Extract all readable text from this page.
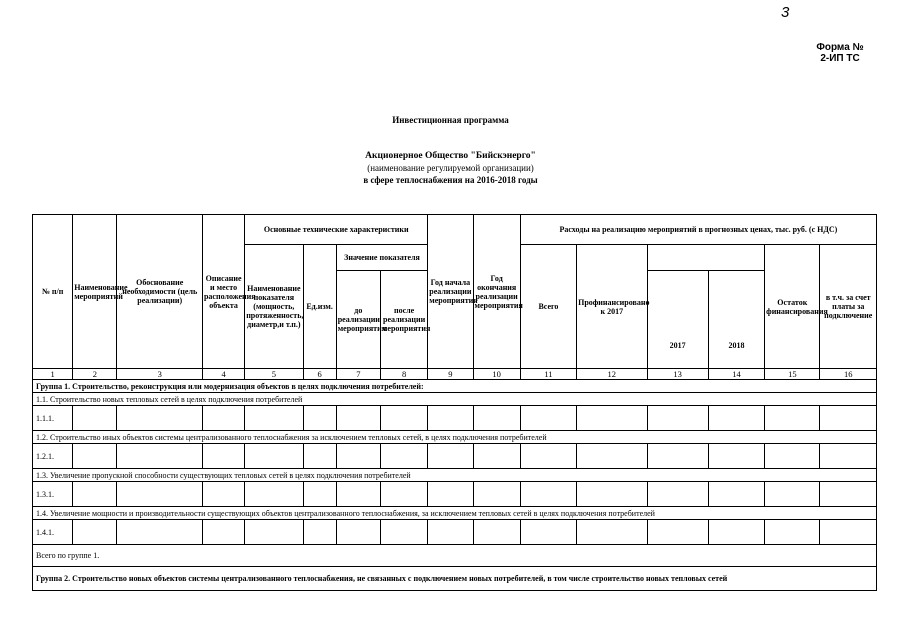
3
Форма №
2-ИП ТС
Инвестиционная программа
Акционерное Общество "Бийскэнерго"
(наименование регулируемой организации)
в сфере теплоснабжения на 2016-2018 годы
№ п/п	Наименование мероприятий	Обоснование необходимости (цель реализации)	Описание и место расположения объекта	Основные технические характеристики				Год начала реализации мероприятия	Год окончания реализации мероприятия	Расходы на реализацию мероприятий в прогнозных ценах, тыс. руб. (с НДС)					
				Наименование показателя (мощность, протяженность, диаметр,и т.п.)	Ед.изм.	Значение показателя				Всего	Профинансировано к 2017			Остаток финансирования	в т.ч. за счет платы за подключение
						до реализации мероприятия	после реализации мероприятия					2017	2018		

1	2	3	4	5	6	7	8	9	10	11	12	13	14	15	16
Группа 1. Строительство, реконструкция или модернизация объектов в целях подключения потребителей:															
1.1. Строительство новых тепловых сетей в целях подключения потребителей															
1.1.1.															
1.2. Строительство иных объектов системы централизованного теплоснабжения за исключением тепловых сетей, в целях подключения потребителей															
1.2.1.															
1.3. Увеличение пропускной способности существующих тепловых сетей в целях подключения потребителей															
1.3.1.															
1.4. Увеличение мощности и производительности существующих объектов централизованного теплоснабжения, за исключением тепловых сетей в целях подключения потребителей															
1.4.1.															
Всего по группе 1.															
Группа 2. Строительство новых объектов системы централизованного теплоснабжения, не связанных с подключением новых потребителей, в том числе строительство новых тепловых сетей															
